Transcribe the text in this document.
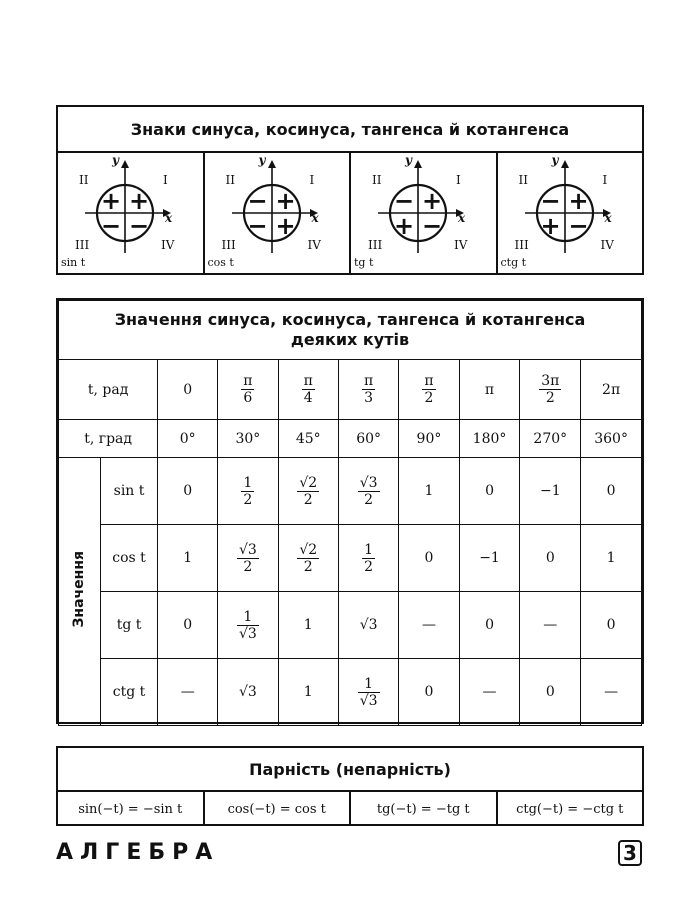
Знаки синуса, косинуса, тангенса й котангенса
x
y
I
II
III	IV
+
+
− −
sin t
x
y
I
II
III	IV
+
−
− +
cos t
x
y
I
II
III	IV
+
−
+ −
tg t
x
y
I
II
III	IV
+
−
+ −
ctg t
Значення синуса, косинуса, тангенса й котангенса
деяких кутів									

t, рад		0	$\frac{\pi}{6}$	$\frac{\pi}{4}$	$\frac{\pi}{3}$	$\frac{\pi}{2}$	π	$\frac{3\pi}{2}$	2π
t, град		0°	30°	45°	60°	90°	180°	270°	360°
Значення	sin t	0	$\frac{1}{2}$	$\frac{√2}{2}$	$\frac{√3}{2}$	1	0	−1	0
	cos t	1	$\frac{√3}{2}$	$\frac{√2}{2}$	$\frac{1}{2}$	0	−1	0	1
	tg t	0	$\frac{1}{√3}$	1	√3	—	0	—	0
	ctg t	—	√3	1	$\frac{1}{√3}$	0	—	0	—
Парність (непарність)
sin(−t) = −sin t	cos(−t) = cos t	tg(−t) = −tg t	ctg(−t) = −ctg t
АЛГЕБРА	3
